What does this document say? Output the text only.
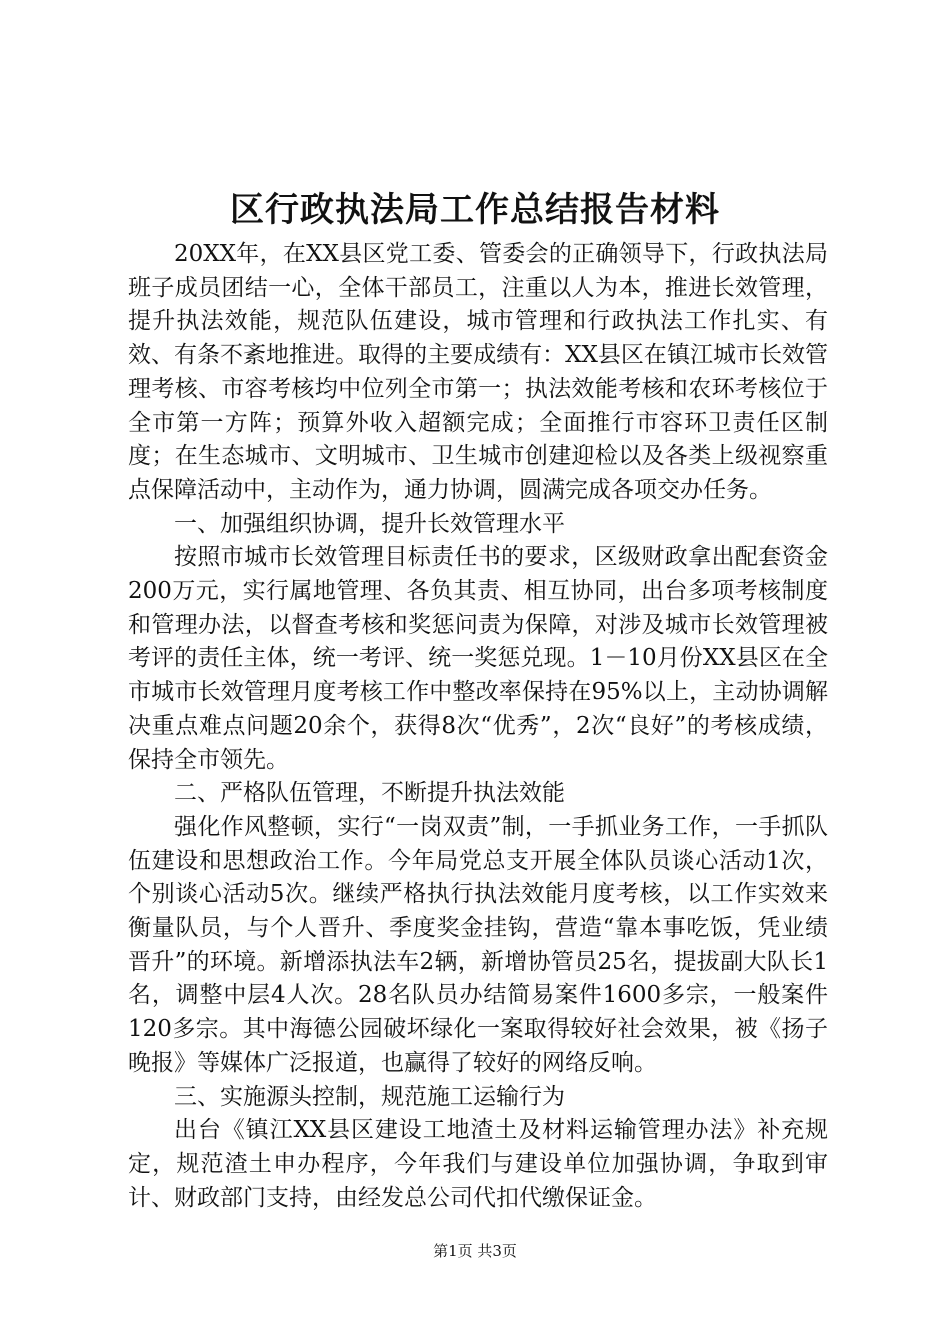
区行政执法局工作总结报告材料

20XX年，在XX县区党工委、管委会的正确领导下，行政执法局班子成员团结一心，全体干部员工，注重以人为本，推进长效管理，提升执法效能，规范队伍建设，城市管理和行政执法工作扎实、有效、有条不紊地推进。取得的主要成绩有：XX县区在镇江城市长效管理考核、市容考核均中位列全市第一；执法效能考核和农环考核位于全市第一方阵；预算外收入超额完成；全面推行市容环卫责任区制度；在生态城市、文明城市、卫生城市创建迎检以及各类上级视察重点保障活动中，主动作为，通力协调，圆满完成各项交办任务。

一、加强组织协调，提升长效管理水平

按照市城市长效管理目标责任书的要求，区级财政拿出配套资金200万元，实行属地管理、各负其责、相互协同，出台多项考核制度和管理办法，以督查考核和奖惩问责为保障，对涉及城市长效管理被考评的责任主体，统一考评、统一奖惩兑现。1－10月份XX县区在全市城市长效管理月度考核工作中整改率保持在95%以上，主动协调解决重点难点问题20余个，获得8次“优秀”，2次“良好”的考核成绩，保持全市领先。

二、严格队伍管理，不断提升执法效能

强化作风整顿，实行“一岗双责”制，一手抓业务工作，一手抓队伍建设和思想政治工作。今年局党总支开展全体队员谈心活动1次，个别谈心活动5次。继续严格执行执法效能月度考核，以工作实效来衡量队员，与个人晋升、季度奖金挂钩，营造“靠本事吃饭，凭业绩晋升”的环境。新增添执法车2辆，新增协管员25名，提拔副大队长1名，调整中层4人次。28名队员办结简易案件1600多宗，一般案件120多宗。其中海德公园破坏绿化一案取得较好社会效果，被《扬子晚报》等媒体广泛报道，也赢得了较好的网络反响。

三、实施源头控制，规范施工运输行为

出台《镇江XX县区建设工地渣土及材料运输管理办法》补充规定，规范渣土申办程序，今年我们与建设单位加强协调，争取到审计、财政部门支持，由经发总公司代扣代缴保证金。

第1页 共3页
